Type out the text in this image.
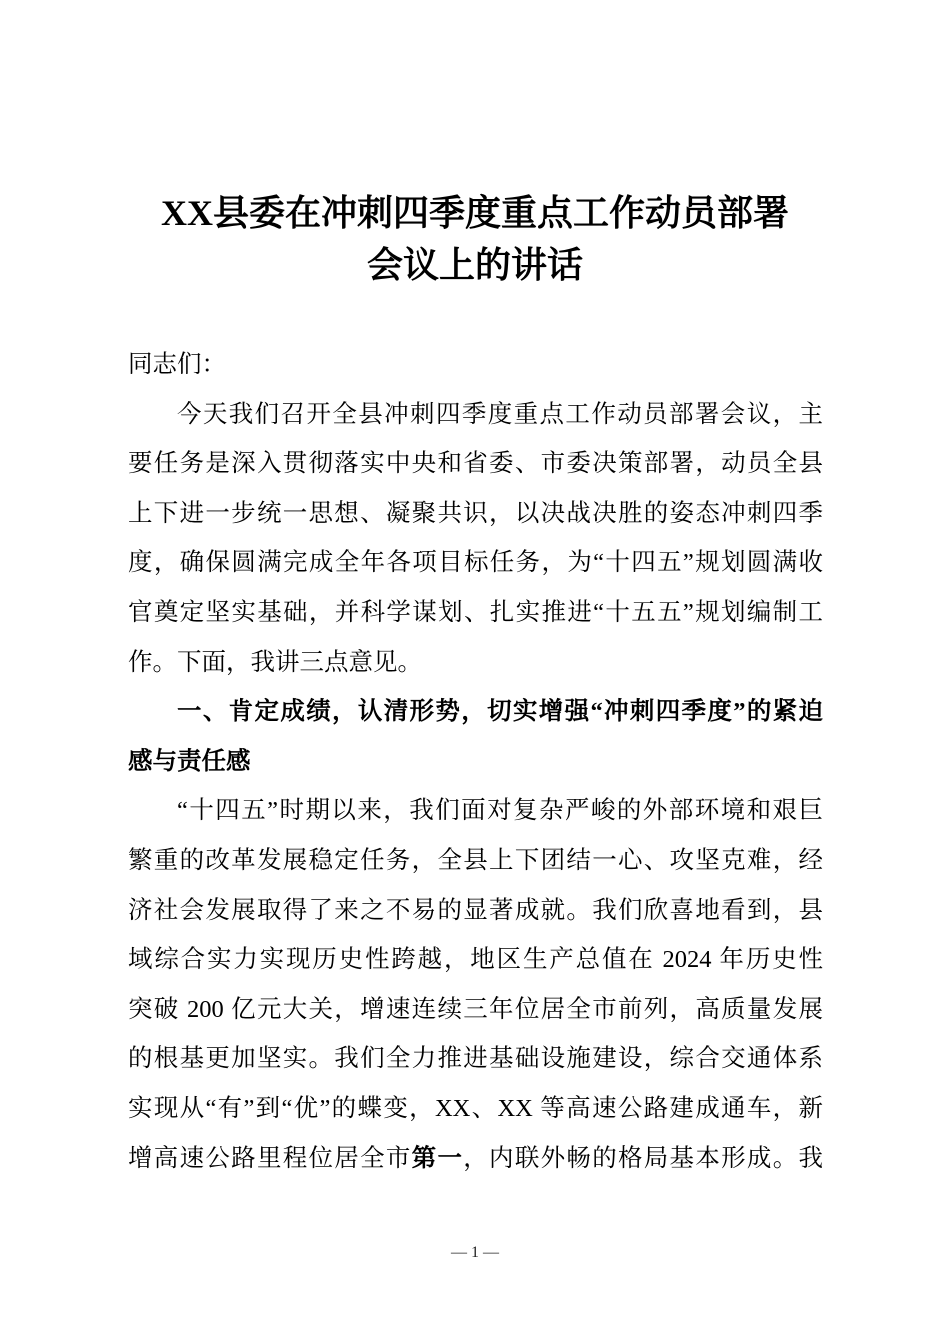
XX县委在冲刺四季度重点工作动员部署
会议上的讲话
同志们：
今天我们召开全县冲刺四季度重点工作动员部署会议，主
要任务是深入贯彻落实中央和省委、市委决策部署，动员全县
上下进一步统一思想、凝聚共识，以决战决胜的姿态冲刺四季
度，确保圆满完成全年各项目标任务，为“十四五”规划圆满收
官奠定坚实基础，并科学谋划、扎实推进“十五五”规划编制工
作。下面，我讲三点意见。
一、肯定成绩，认清形势，切实增强“冲刺四季度”的紧迫
感与责任感
“十四五”时期以来，我们面对复杂严峻的外部环境和艰巨
繁重的改革发展稳定任务，全县上下团结一心、攻坚克难，经
济社会发展取得了来之不易的显著成就。我们欣喜地看到，县
域综合实力实现历史性跨越，地区生产总值在 2024 年历史性
突破 200 亿元大关，增速连续三年位居全市前列，高质量发展
的根基更加坚实。我们全力推进基础设施建设，综合交通体系
实现从“有”到“优”的蝶变，XX、XX 等高速公路建成通车，新
增高速公路里程位居全市第一，内联外畅的格局基本形成。我
— 1 —
